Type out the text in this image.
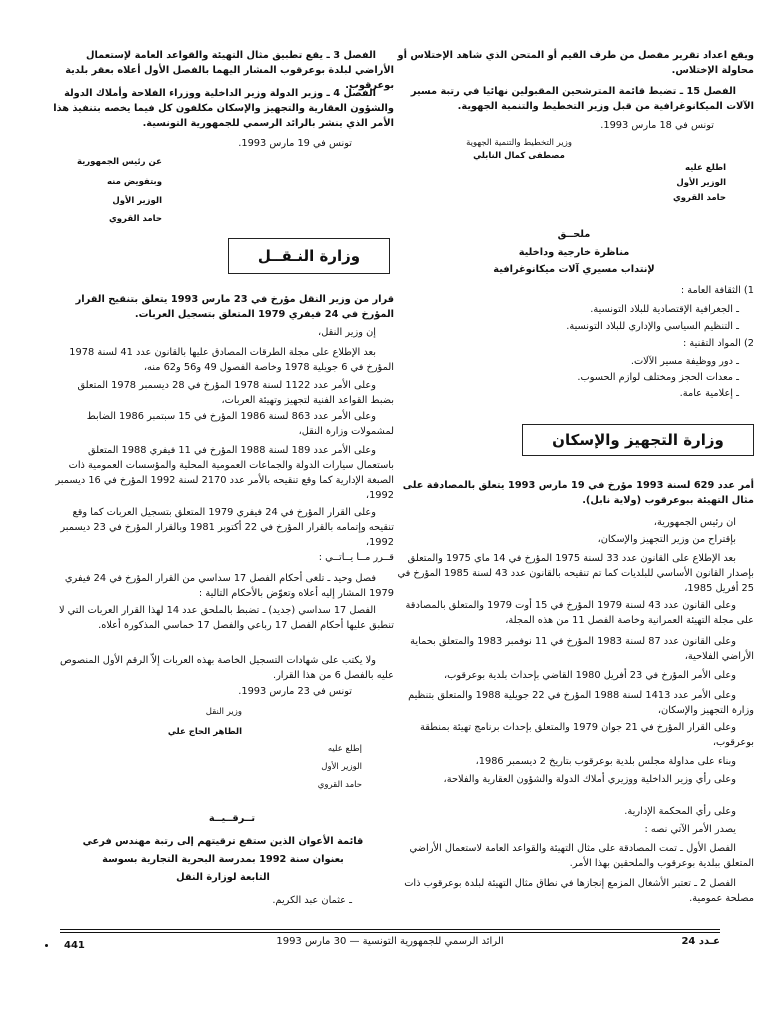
ويقع اعداد تقرير مفصل من طرف القيم أو المتحن الذي شاهد الإختلاس أو محاولة الإختلاس.
الفصل 15 ـ تضبط قائمة المترشحين المقبولين نهائيا في رتبة مسير الآلات الميكانوغرافية من قبل وزير التخطيط والتنمية الجهوية.
تونس في 18 مارس 1993.
وزير التخطيط والتنمية الجهوية
مصطفى كمال النابلي
اطلع عليه
الوزير الأول
حامد القروي
ملحــق
مناظرة خارجية وداخلية
لإنتداب مسيري آلات ميكانوغرافية
1) الثقافة العامة :
ـ الجغرافية الإقتصادية للبلاد التونسية.
ـ التنظيم السياسي والإداري للبلاد التونسية.
2) المواد التقنية :
ـ دور ووظيفة مسير الآلات.
ـ معدات الحجز ومختلف لوازم الحسوب.
ـ إعلامية عامة.
وزارة التجهيز والإسكان
أمر عدد 629 لسنة 1993 مؤرخ في 19 مارس 1993 يتعلق بالمصادقة على مثال التهيئة ببوعرقوب (ولاية نابل).
ان رئيس الجمهورية،
بإقتراح من وزير التجهيز والإسكان،
بعد الإطلاع على القانون عدد 33 لسنة 1975 المؤرخ في 14 ماي 1975 والمتعلق بإصدار القانون الأساسي للبلديات كما تم تنقيحه بالقانون عدد 43 لسنة 1985 المؤرخ في 25 أفريل 1985،
وعلى القانون عدد 43 لسنة 1979 المؤرخ في 15 أوت 1979 والمتعلق بالمصادقة على مجلة التهيئة العمرانية وخاصة الفصل 11 من هذه المجلة،
وعلى القانون عدد 87 لسنة 1983 المؤرخ في 11 نوفمبر 1983 والمتعلق بحماية الأراضي الفلاحية،
وعلى الأمر المؤرخ في 23 أفريل 1980 القاضي بإحداث بلدية بوعرقوب،
وعلى الأمر عدد 1413 لسنة 1988 المؤرخ في 22 جويلية 1988 والمتعلق بتنظيم وزارة التجهيز والإسكان،
وعلى القرار المؤرخ في 21 جوان 1979 والمتعلق بإحداث برنامج تهيئة بمنطقة بوعرقوب،
وبناء على مداولة مجلس بلدية بوعرقوب بتاريخ 2 ديسمبر 1986،
وعلى رأي وزير الداخلية ووزيري أملاك الدولة والشؤون العقارية والفلاحة،
وعلى رأي المحكمة الإدارية.
يصدر الأمر الآتي نصه :
الفصل الأول ـ تمت المصادقة على مثال التهيئة والقواعد العامة لاستعمال الأراضي المتعلق ببلدية بوعرقوب والملحقين بهذا الأمر.
الفصل 2 ـ تعتبر الأشغال المزمع إنجازها في نطاق مثال التهيئة لبلدة بوعرقوب ذات مصلحة عمومية.
الفصل 3 ـ يقع تطبيق مثال التهيئة والقواعد العامة لإستعمال الأراضي لبلدة بوعرقوب المشار اليهما بالفصل الأول أعلاه بعقر بلدية بوعرقوب.
الفصل 4 ـ وزير الدولة وزير الداخلية ووزراء الفلاحة وأملاك الدولة والشؤون العقارية والتجهيز والإسكان مكلفون كل فيما يخصه بتنفيذ هذا الأمر الذي ينشر بالرائد الرسمي للجمهورية التونسية.
تونس في 19 مارس 1993.
عن رئيس الجمهورية
وبتفويض منه
الوزير الأول
حامد القروي
وزارة النـقــل
قرار من وزير النقل مؤرخ في 23 مارس 1993 يتعلق بتنقيح القرار المؤرخ في 24 فيفري 1979 المتعلق بتسجيل العربات.
إن وزير النقل،
بعد الإطلاع على مجلة الطرقات المصادق عليها بالقانون عدد 41 لسنة 1978 المؤرخ في 6 جويلية 1978 وخاصة الفصول 49 و56 و62 منه،
وعلى الأمر عدد 1122 لسنة 1978 المؤرخ في 28 ديسمبر 1978 المتعلق بضبط القواعد الفنية لتجهيز وتهيئة العربات،
وعلى الأمر عدد 863 لسنة 1986 المؤرخ في 15 سبتمبر 1986 الضابط لمشمولات وزارة النقل،
وعلى الأمر عدد 189 لسنة 1988 المؤرخ في 11 فيفري 1988 المتعلق باستعمال سيارات الدولة والجماعات العمومية المحلية والمؤسسات العمومية ذات الصبغة الإدارية كما وقع تنقيحه بالأمر عدد 2170 لسنة 1992 المؤرخ في 16 ديسمبر 1992،
وعلى القرار المؤرخ في 24 فيفري 1979 المتعلق بتسجيل العربات كما وقع تنقيحه وإتمامه بالقرار المؤرخ في 22 أكتوبر 1981 وبالقرار المؤرخ في 23 ديسمبر 1992،
قــرر مــا يــاتــي :
فصل وحيد ـ تلغى أحكام الفصل 17 سداسي من القرار المؤرخ في 24 فيفري 1979 المشار إليه أعلاه وتعوّض بالأحكام التالية :
الفصل 17 سداسي (جديد) ـ تضبط بالملحق عدد 14 لهذا القرار العربات التي لا تنطبق عليها أحكام الفصل 17 رباعي والفصل 17 خماسي المذكورة أعلاه.
ولا يكتب على شهادات التسجيل الخاصة بهذه العربات إلاّ الرقم الأول المنصوص عليه بالفصل 6 من هذا القرار.
تونس في 23 مارس 1993.
وزير النقل
الطاهر الحاج علي
إطلع عليه
الوزير الأول
حامد القروي
تــرقــيــة
قائمة الأعوان الذين ستقع ترقيتهم إلى رتبة مهندس فرعي
بعنوان سنة 1992 بمدرسة البحرية التجارية بسوسة
التابعة لوزارة النقل
ـ عثمان عبد الكريم.
عـدد 24
الرائد الرسمي للجمهورية التونسية — 30 مارس 1993
441
